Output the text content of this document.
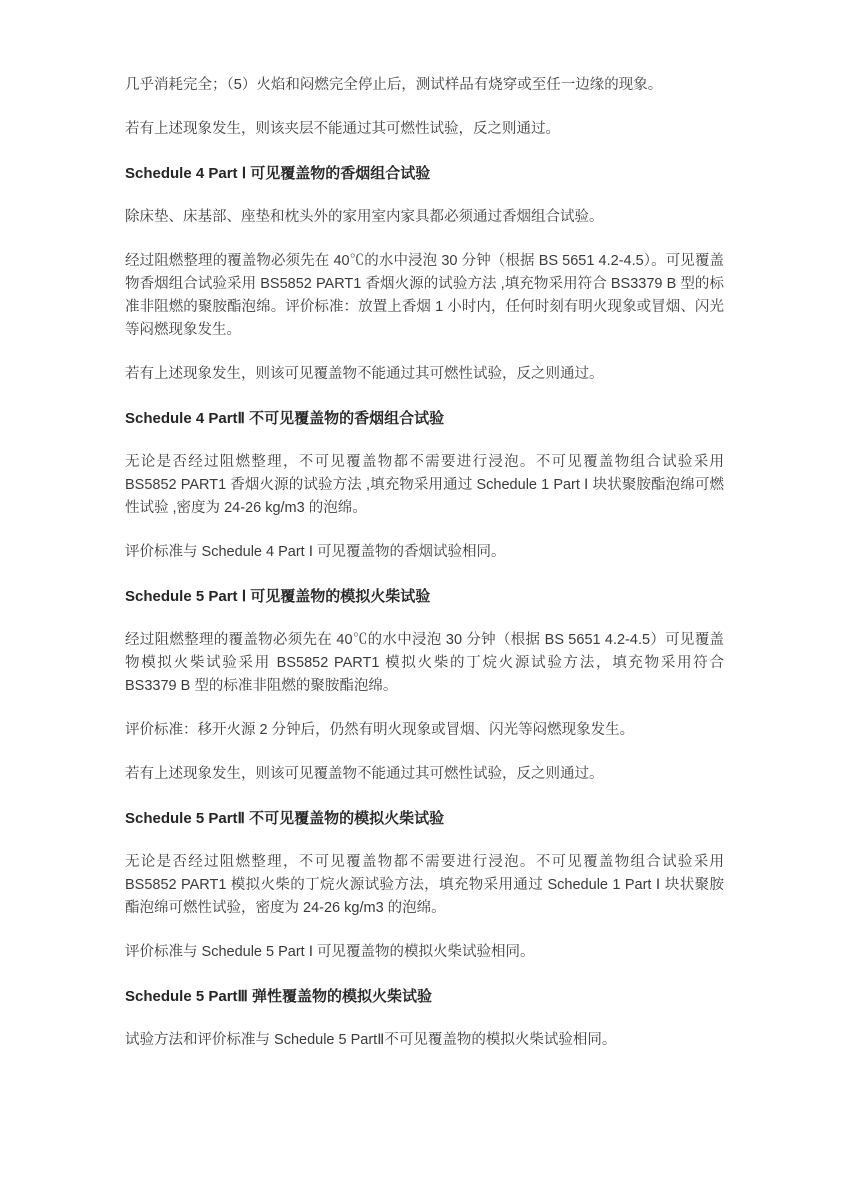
几乎消耗完全；（5）火焰和闷燃完全停止后，测试样品有烧穿或至任一边缘的现象。

若有上述现象发生，则该夹层不能通过其可燃性试验，反之则通过。

Schedule 4 Part Ⅰ 可见覆盖物的香烟组合试验

除床垫、床基部、座垫和枕头外的家用室内家具都必须通过香烟组合试验。

经过阻燃整理的覆盖物必须先在 40℃的水中浸泡 30 分钟（根据 BS 5651 4.2-4.5）。可见覆盖物香烟组合试验采用 BS5852 PART1 香烟火源的试验方法 ,填充物采用符合 BS3379 B 型的标准非阻燃的聚胺酯泡绵。评价标准：放置上香烟 1 小时内，任何时刻有明火现象或冒烟、闪光等闷燃现象发生。

若有上述现象发生，则该可见覆盖物不能通过其可燃性试验，反之则通过。

Schedule 4 PartⅡ 不可见覆盖物的香烟组合试验

无论是否经过阻燃整理，不可见覆盖物都不需要进行浸泡。不可见覆盖物组合试验采用 BS5852 PART1 香烟火源的试验方法 ,填充物采用通过 Schedule 1 Part Ⅰ 块状聚胺酯泡绵可燃性试验 ,密度为 24-26 kg/m3 的泡绵。

评价标准与 Schedule 4 Part Ⅰ 可见覆盖物的香烟试验相同。

Schedule 5 Part Ⅰ 可见覆盖物的模拟火柴试验

经过阻燃整理的覆盖物必须先在 40℃的水中浸泡 30 分钟（根据 BS 5651 4.2-4.5）可见覆盖物模拟火柴试验采用 BS5852 PART1 模拟火柴的丁烷火源试验方法，填充物采用符合 BS3379 B 型的标准非阻燃的聚胺酯泡绵。

评价标准：移开火源 2 分钟后，仍然有明火现象或冒烟、闪光等闷燃现象发生。

若有上述现象发生，则该可见覆盖物不能通过其可燃性试验，反之则通过。

Schedule 5 PartⅡ 不可见覆盖物的模拟火柴试验

无论是否经过阻燃整理，不可见覆盖物都不需要进行浸泡。不可见覆盖物组合试验采用 BS5852 PART1 模拟火柴的丁烷火源试验方法，填充物采用通过 Schedule 1 Part Ⅰ 块状聚胺酯泡绵可燃性试验，密度为 24-26 kg/m3 的泡绵。

评价标准与 Schedule 5 Part Ⅰ 可见覆盖物的模拟火柴试验相同。

Schedule 5 PartⅢ 弹性覆盖物的模拟火柴试验

试验方法和评价标准与 Schedule 5 PartⅡ不可见覆盖物的模拟火柴试验相同。
